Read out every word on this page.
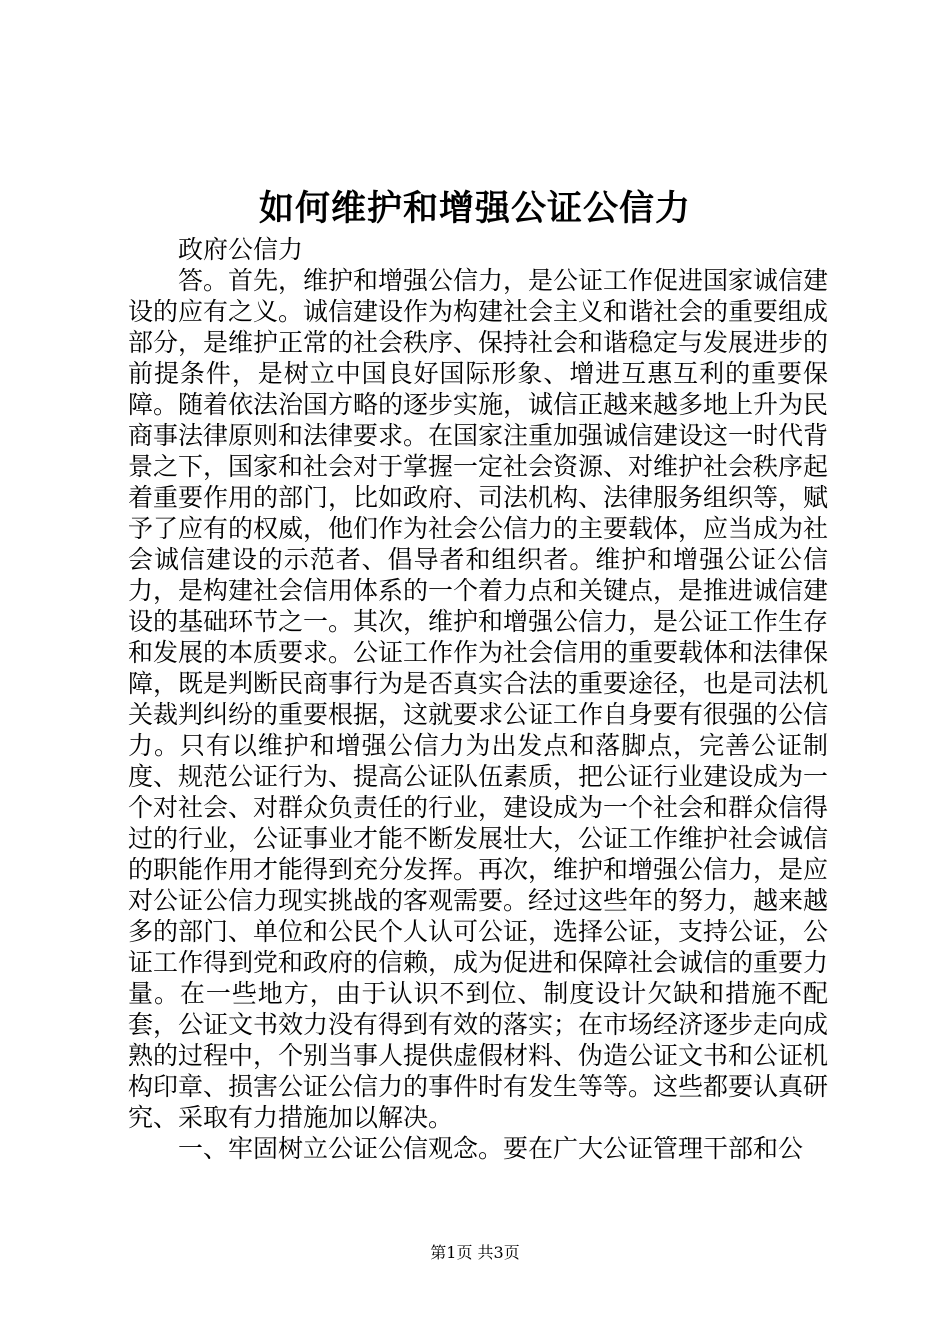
如何维护和增强公证公信力

政府公信力

答。首先，维护和增强公信力，是公证工作促进国家诚信建设的应有之义。诚信建设作为构建社会主义和谐社会的重要组成部分，是维护正常的社会秩序、保持社会和谐稳定与发展进步的前提条件，是树立中国良好国际形象、增进互惠互利的重要保障。随着依法治国方略的逐步实施，诚信正越来越多地上升为民商事法律原则和法律要求。在国家注重加强诚信建设这一时代背景之下，国家和社会对于掌握一定社会资源、对维护社会秩序起着重要作用的部门，比如政府、司法机构、法律服务组织等，赋予了应有的权威，他们作为社会公信力的主要载体，应当成为社会诚信建设的示范者、倡导者和组织者。维护和增强公证公信力，是构建社会信用体系的一个着力点和关键点，是推进诚信建设的基础环节之一。其次，维护和增强公信力，是公证工作生存和发展的本质要求。公证工作作为社会信用的重要载体和法律保障，既是判断民商事行为是否真实合法的重要途径，也是司法机关裁判纠纷的重要根据，这就要求公证工作自身要有很强的公信力。只有以维护和增强公信力为出发点和落脚点，完善公证制度、规范公证行为、提高公证队伍素质，把公证行业建设成为一个对社会、对群众负责任的行业，建设成为一个社会和群众信得过的行业，公证事业才能不断发展壮大，公证工作维护社会诚信的职能作用才能得到充分发挥。再次，维护和增强公信力，是应对公证公信力现实挑战的客观需要。经过这些年的努力，越来越多的部门、单位和公民个人认可公证，选择公证，支持公证，公证工作得到党和政府的信赖，成为促进和保障社会诚信的重要力量。在一些地方，由于认识不到位、制度设计欠缺和措施不配套，公证文书效力没有得到有效的落实；在市场经济逐步走向成熟的过程中，个别当事人提供虚假材料、伪造公证文书和公证机构印章、损害公证公信力的事件时有发生等等。这些都要认真研究、采取有力措施加以解决。

一、牢固树立公证公信观念。要在广大公证管理干部和公

第1页 共3页
